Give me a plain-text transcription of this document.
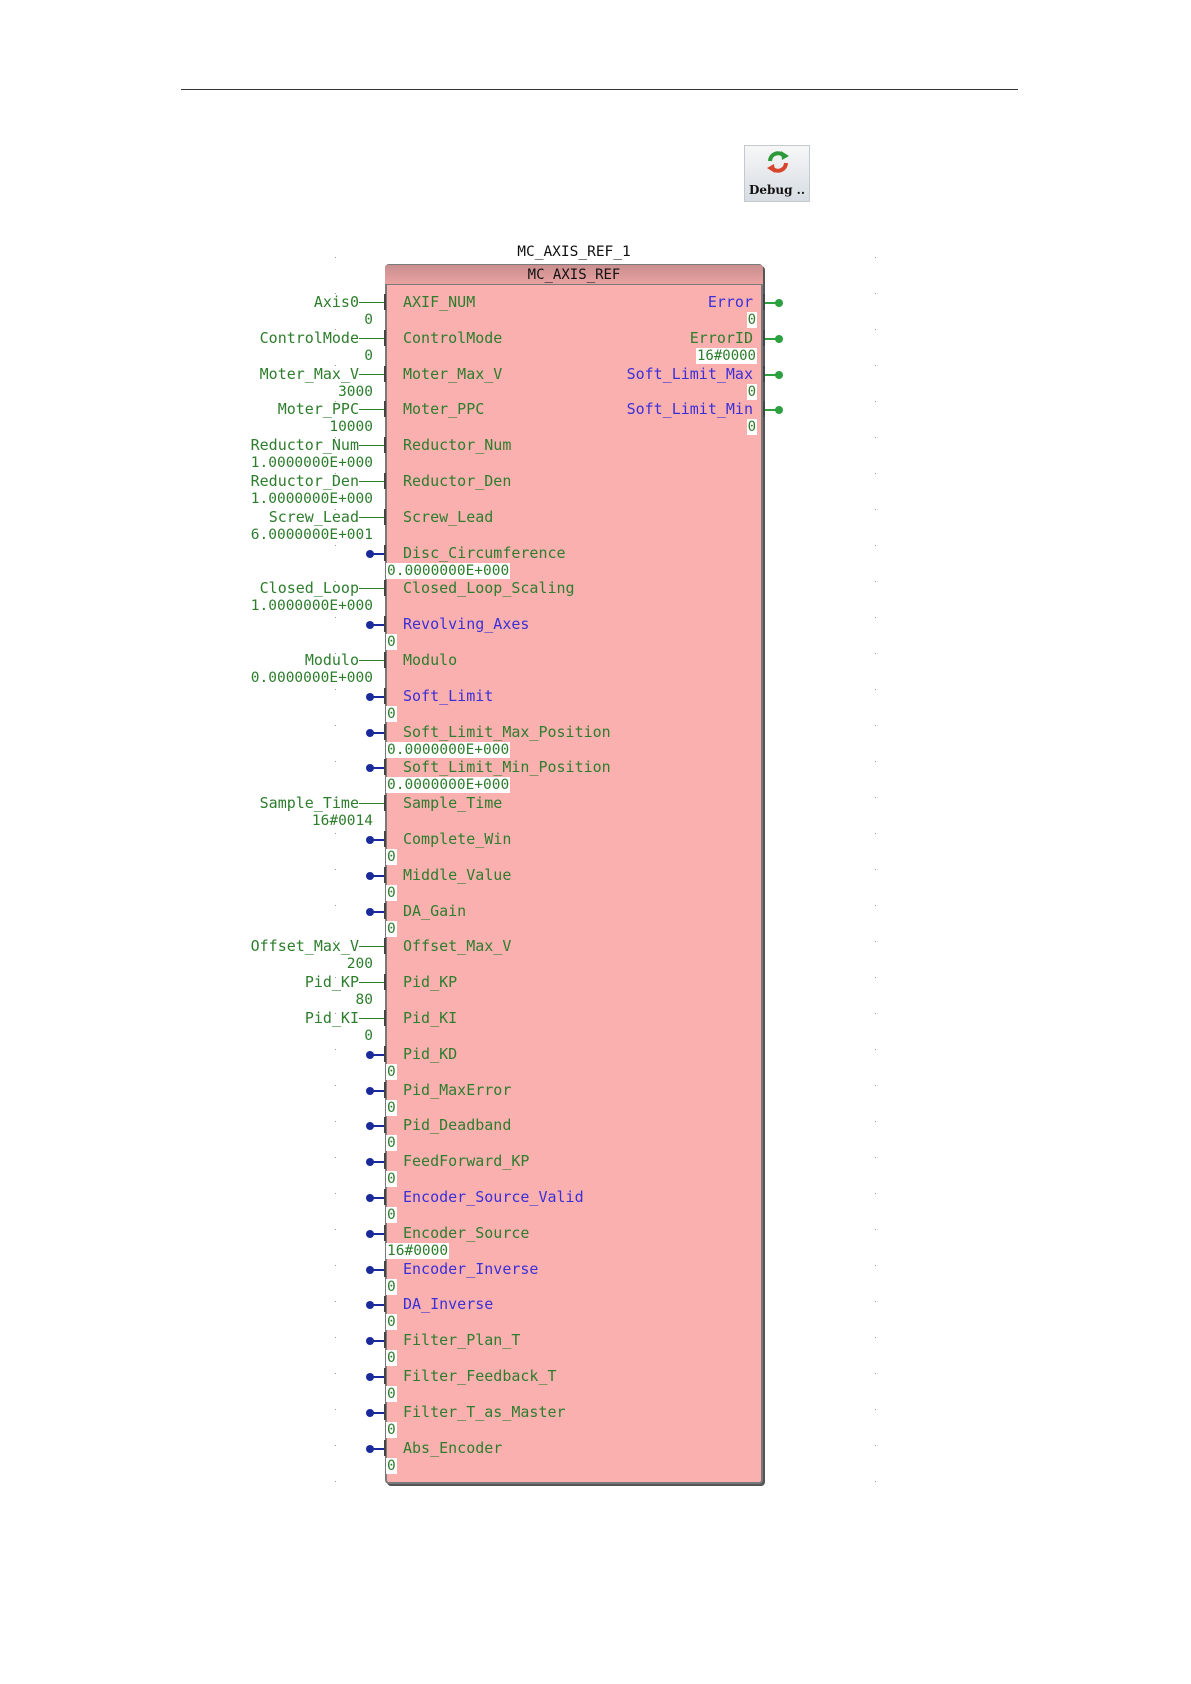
Debug ..
MC_AXIS_REF_1
MC_AXIS_REF
AXIF_NUM
Axis0
0
ControlMode
ControlMode
0
Moter_Max_V
Moter_Max_V
3000
Moter_PPC
Moter_PPC
10000
Reductor_Num
Reductor_Num
1.0000000E+000
Reductor_Den
Reductor_Den
1.0000000E+000
Screw_Lead
Screw_Lead
6.0000000E+001
Disc_Circumference
0.0000000E+000
Closed_Loop_Scaling
Closed_Loop
1.0000000E+000
Revolving_Axes
0
Modulo
Modulo
0.0000000E+000
Soft_Limit
0
Soft_Limit_Max_Position
0.0000000E+000
Soft_Limit_Min_Position
0.0000000E+000
Sample_Time
Sample_Time
16#0014
Complete_Win
0
Middle_Value
0
DA_Gain
0
Offset_Max_V
Offset_Max_V
200
Pid_KP
Pid_KP
80
Pid_KI
Pid_KI
0
Pid_KD
0
Pid_MaxError
0
Pid_Deadband
0
FeedForward_KP
0
Encoder_Source_Valid
0
Encoder_Source
16#0000
Encoder_Inverse
0
DA_Inverse
0
Filter_Plan_T
0
Filter_Feedback_T
0
Filter_T_as_Master
0
Abs_Encoder
0
Error
0
ErrorID
16#0000
Soft_Limit_Max
0
Soft_Limit_Min
0
